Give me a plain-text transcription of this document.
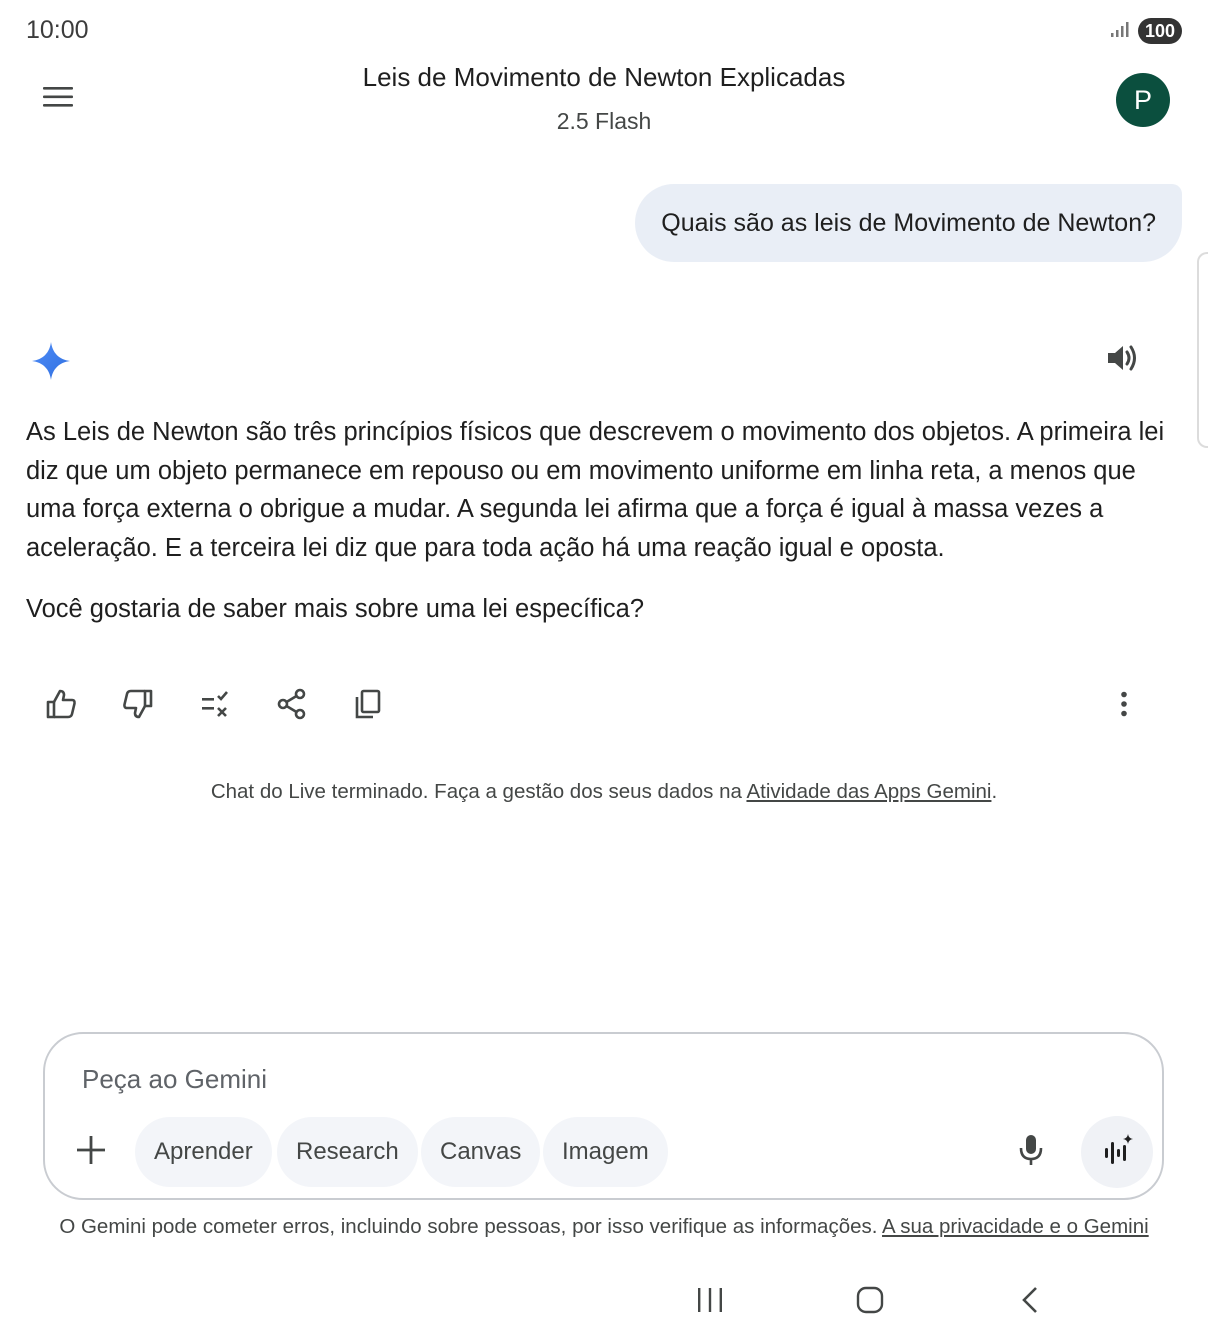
10:00	100
Leis de Movimento de Newton Explicadas
2.5 Flash
P
Quais são as leis de Movimento de Newton?

As Leis de Newton são três princípios físicos que descrevem o movimento dos objetos. A primeira lei diz que um objeto permanece em repouso ou em movimento uniforme em linha reta, a menos que uma força externa o obrigue a mudar. A segunda lei afirma que a força é igual à massa vezes a aceleração. E a terceira lei diz que para toda ação há uma reação igual e oposta.

Você gostaria de saber mais sobre uma lei específica?

Chat do Live terminado. Faça a gestão dos seus dados na Atividade das Apps Gemini.
Peça ao Gemini
Aprender	Research	Canvas	Imagem
O Gemini pode cometer erros, incluindo sobre pessoas, por isso verifique as informações. A sua privacidade e o Gemini
